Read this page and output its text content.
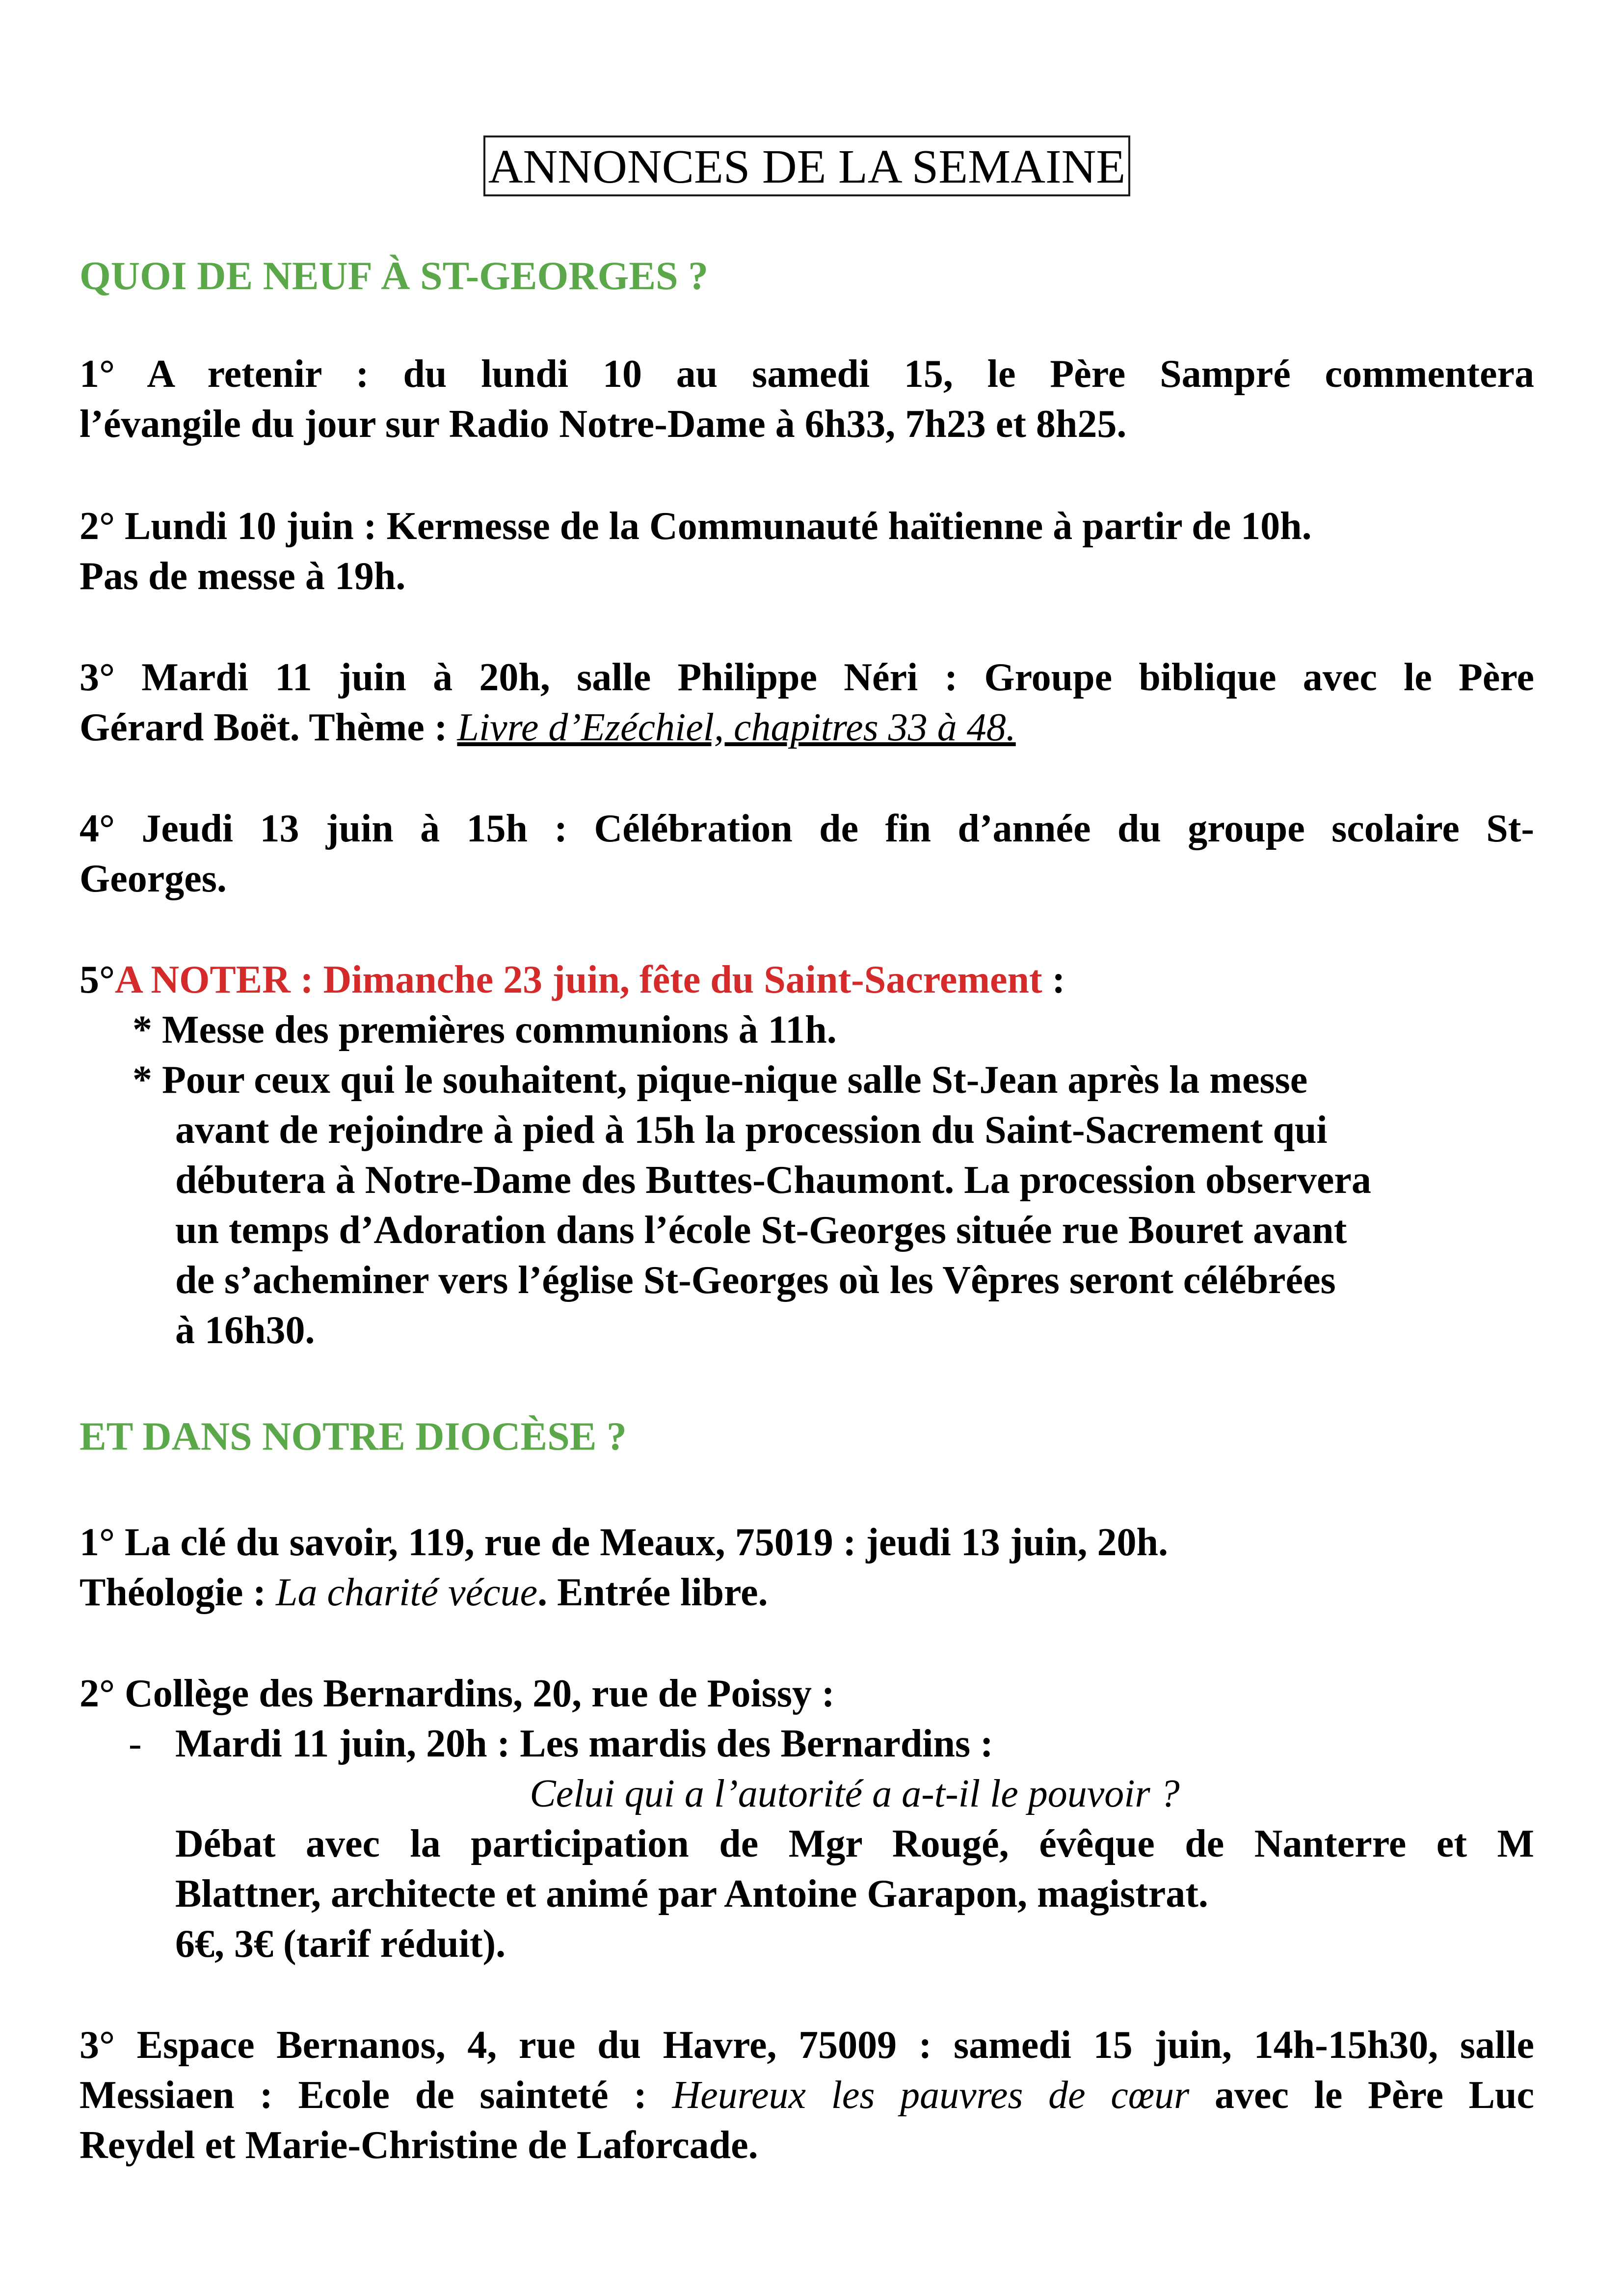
ANNONCES DE LA SEMAINE
QUOI DE NEUF À ST-GEORGES ?
1° A retenir : du lundi 10 au samedi 15, le Père Sampré commentera
l’évangile du jour sur Radio Notre-Dame à 6h33, 7h23 et 8h25.
2° Lundi 10 juin : Kermesse de la Communauté haïtienne à partir de 10h.
Pas de messe à 19h.
3° Mardi 11 juin à 20h, salle Philippe Néri : Groupe biblique avec le Père
Gérard Boët. Thème : Livre d’Ezéchiel, chapitres 33 à 48.
4° Jeudi 13 juin à 15h : Célébration de fin d’année du groupe scolaire St-
Georges.
5°A NOTER : Dimanche 23 juin, fête du Saint-Sacrement :
* Messe des premières communions à 11h.
* Pour ceux qui le souhaitent, pique-nique salle St-Jean après la messe
avant de rejoindre à pied à 15h la procession du Saint-Sacrement qui
débutera à Notre-Dame des Buttes-Chaumont. La procession observera
un temps d’Adoration dans l’école St-Georges située rue Bouret avant
de s’acheminer vers l’église St-Georges où les Vêpres seront célébrées
à 16h30.
ET DANS NOTRE DIOCÈSE ?
1° La clé du savoir, 119, rue de Meaux, 75019 : jeudi 13 juin, 20h.
Théologie : La charité vécue. Entrée libre.
2° Collège des Bernardins, 20, rue de Poissy :
- Mardi 11 juin, 20h : Les mardis des Bernardins :
Celui qui a l’autorité a a-t-il le pouvoir ?
Débat avec la participation de Mgr Rougé, évêque de Nanterre et M
Blattner, architecte et animé par Antoine Garapon, magistrat.
6€, 3€ (tarif réduit).
3° Espace Bernanos, 4, rue du Havre, 75009 : samedi 15 juin, 14h-15h30, salle
Messiaen : Ecole de sainteté : Heureux les pauvres de cœur avec le Père Luc
Reydel et Marie-Christine de Laforcade.
